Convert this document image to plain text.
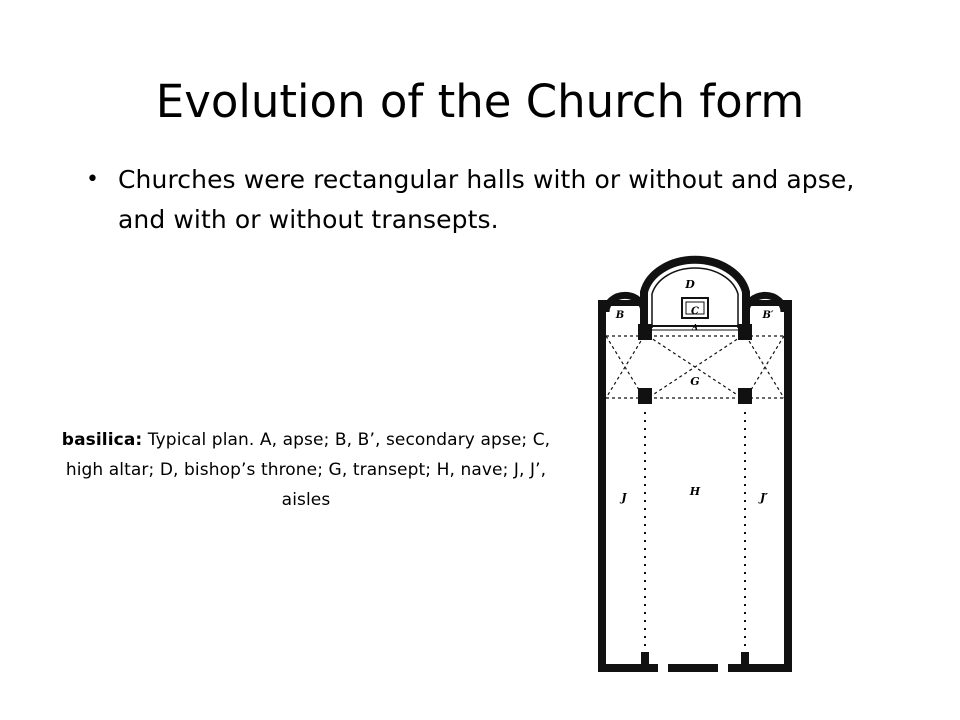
Evolution of the Church form
• Churches were rectangular halls with or without and apse, and with or without transepts.
basilica: Typical plan. A, apse; B, B’, secondary apse; C, high altar; D, bishop’s throne; G, transept; H, nave; J, J’, aisles
D
C
A
B	B′
G
H
J	J′
